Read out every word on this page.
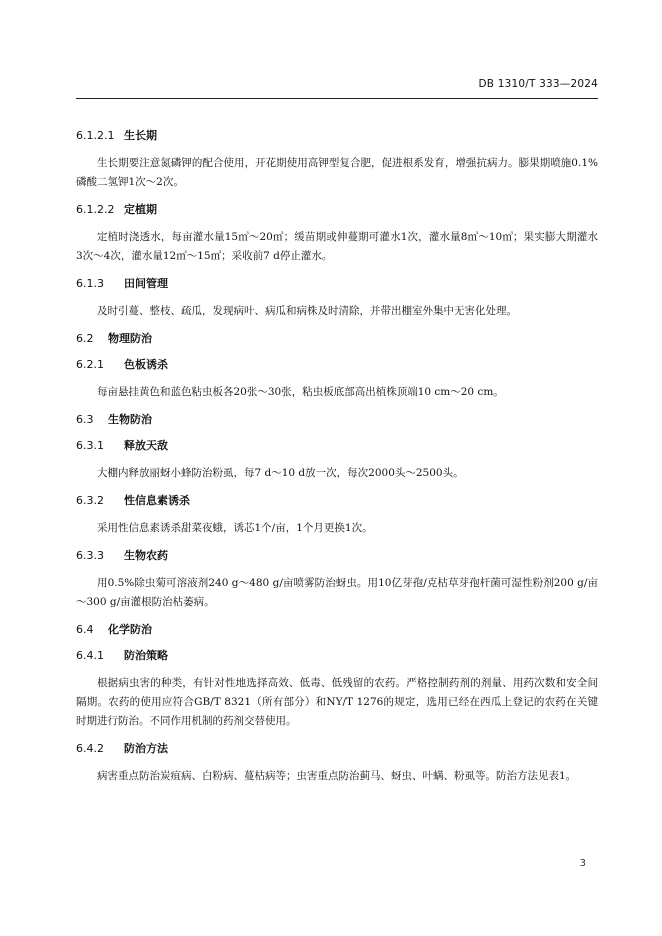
DB 1310/T 333—2024
6.1.2.1 生长期

生长期要注意氮磷钾的配合使用，开花期使用高钾型复合肥，促进根系发育，增强抗病力。膨果期喷施0.1%磷酸二氢钾1次～2次。

6.1.2.2 定植期

定植时浇透水，每亩灌水量15㎥～20㎥；缓苗期或伸蔓期可灌水1次，灌水量8㎥～10㎥；果实膨大期灌水3次～4次，灌水量12㎥～15㎥；采收前7 d停止灌水。

6.1.3 田间管理

及时引蔓、整枝、疏瓜，发现病叶、病瓜和病株及时清除，并带出棚室外集中无害化处理。

6.2 物理防治
6.2.1 色板诱杀

每亩悬挂黄色和蓝色粘虫板各20张～30张，粘虫板底部高出植株顶端10 cm～20 cm。

6.3 生物防治
6.3.1 释放天敌

大棚内释放丽蚜小蜂防治粉虱，每7 d～10 d放一次，每次2000头～2500头。

6.3.2 性信息素诱杀

采用性信息素诱杀甜菜夜蛾，诱芯1个/亩，1个月更换1次。

6.3.3 生物农药

用0.5%除虫菊可溶液剂240 g～480 g/亩喷雾防治蚜虫。用10亿芽孢/克枯草芽孢杆菌可湿性粉剂200 g/亩～300 g/亩灌根防治枯萎病。

6.4 化学防治
6.4.1 防治策略

根据病虫害的种类，有针对性地选择高效、低毒、低残留的农药。严格控制药剂的剂量、用药次数和安全间隔期。农药的使用应符合GB/T 8321（所有部分）和NY/T 1276的规定，选用已经在西瓜上登记的农药在关键时期进行防治。不同作用机制的药剂交替使用。

6.4.2 防治方法

病害重点防治炭疽病、白粉病、蔓枯病等；虫害重点防治蓟马、蚜虫、叶螨、粉虱等。防治方法见表1。

3
